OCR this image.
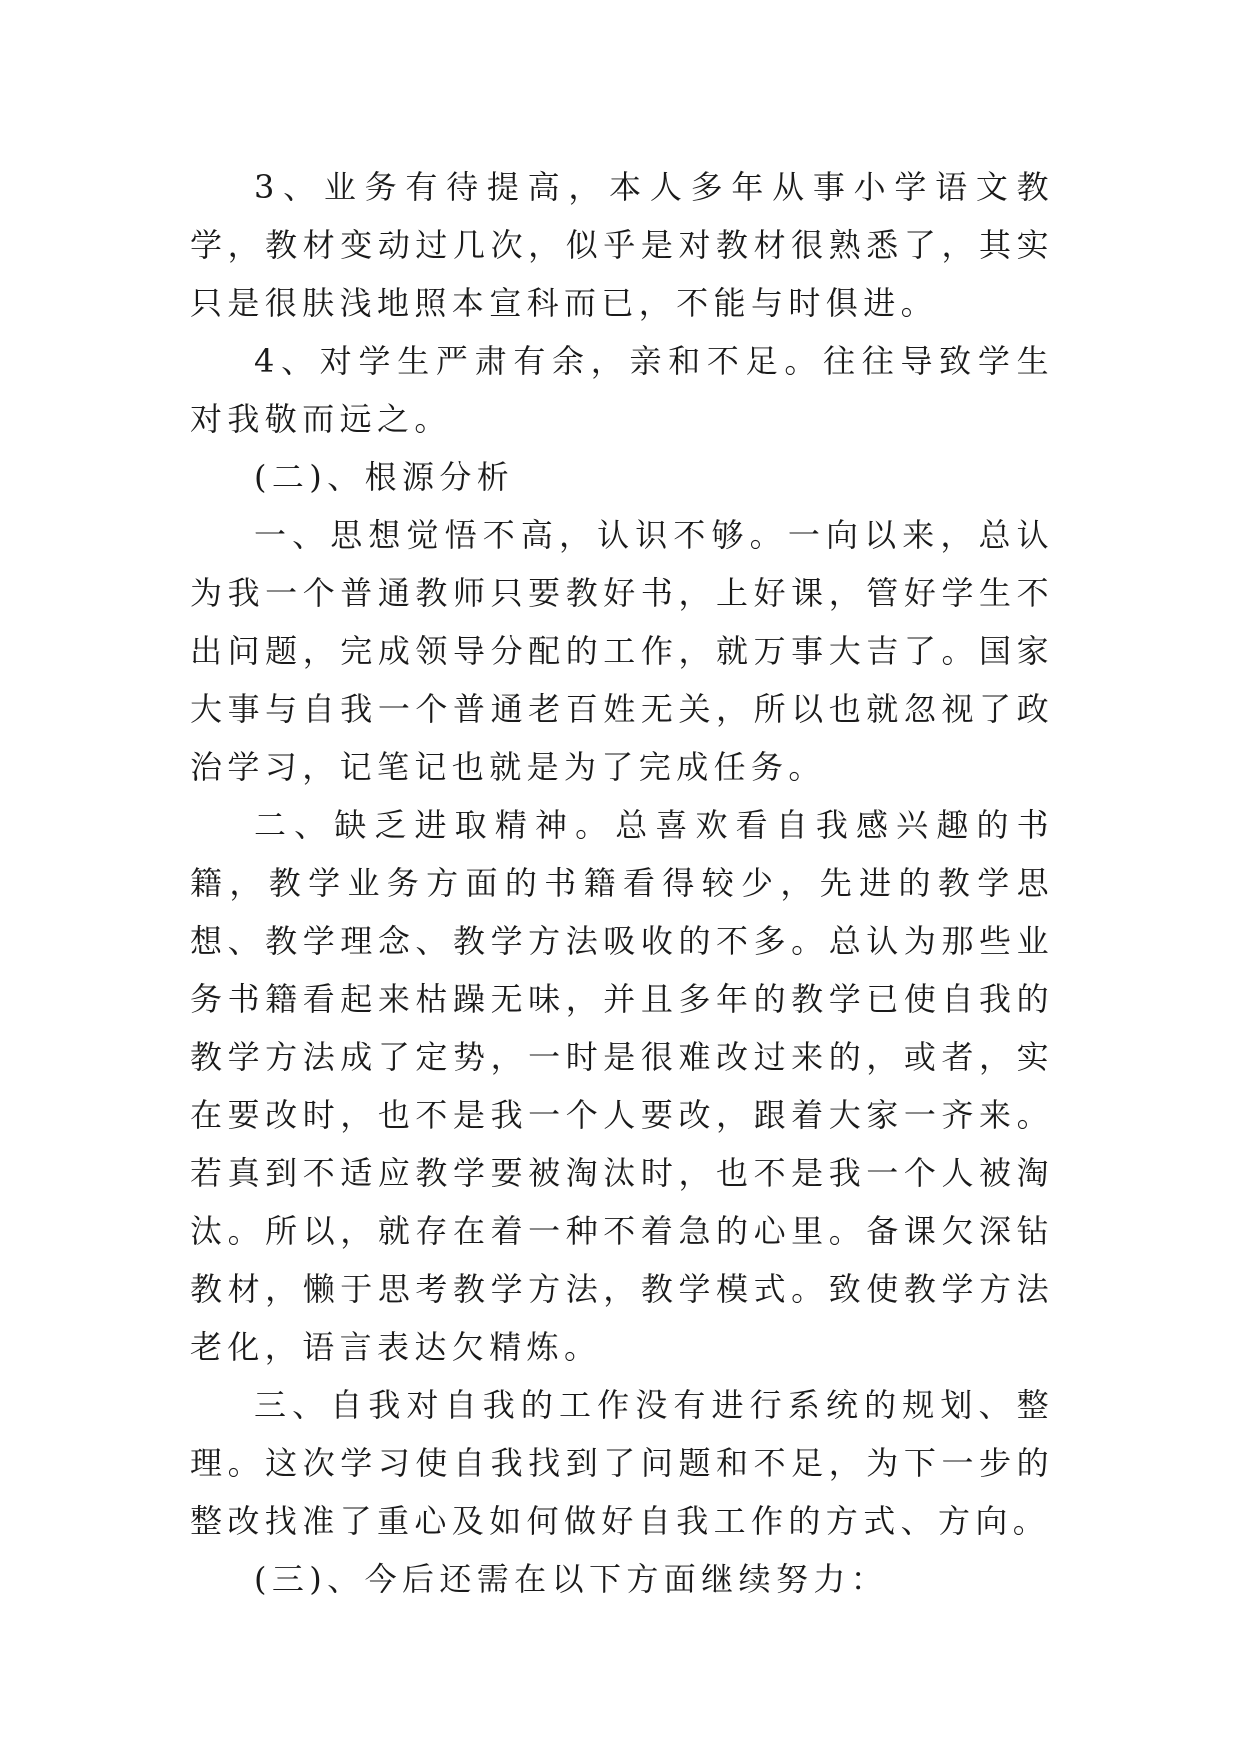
3、业务有待提高，本人多年从事小学语文教学，教材变动过几次，似乎是对教材很熟悉了，其实只是很肤浅地照本宣科而已，不能与时俱进。

4、对学生严肃有余，亲和不足。往往导致学生对我敬而远之。

(二)、根源分析

一、思想觉悟不高，认识不够。一向以来，总认为我一个普通教师只要教好书，上好课，管好学生不出问题，完成领导分配的工作，就万事大吉了。国家大事与自我一个普通老百姓无关，所以也就忽视了政治学习，记笔记也就是为了完成任务。

二、缺乏进取精神。总喜欢看自我感兴趣的书籍，教学业务方面的书籍看得较少，先进的教学思想、教学理念、教学方法吸收的不多。总认为那些业务书籍看起来枯躁无味，并且多年的教学已使自我的教学方法成了定势，一时是很难改过来的，或者，实在要改时，也不是我一个人要改，跟着大家一齐来。若真到不适应教学要被淘汰时，也不是我一个人被淘汰。所以，就存在着一种不着急的心里。备课欠深钻教材，懒于思考教学方法，教学模式。致使教学方法老化，语言表达欠精炼。

三、自我对自我的工作没有进行系统的规划、整理。这次学习使自我找到了问题和不足，为下一步的整改找准了重心及如何做好自我工作的方式、方向。

(三)、今后还需在以下方面继续努力：
